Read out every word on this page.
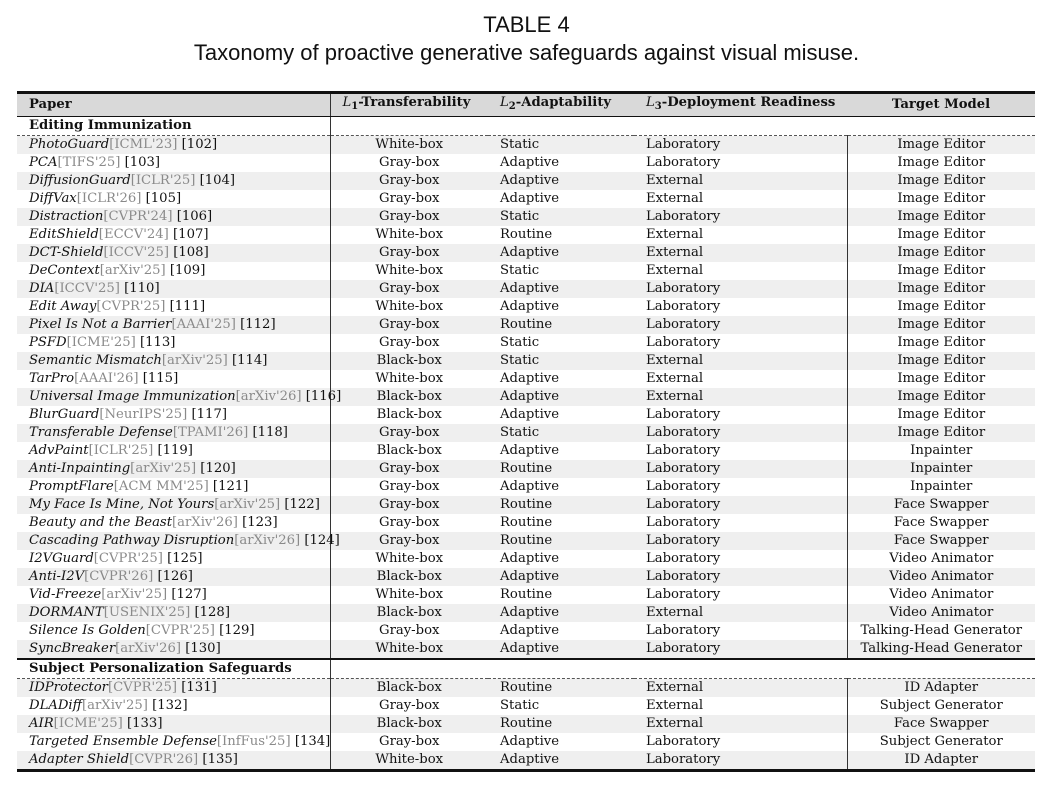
TABLE 4
Taxonomy of proactive generative safeguards against visual misuse.
Paper	$L_1$-Transferability	$L_2$-Adaptability	$L_3$-Deployment Readiness	Target Model
Editing Immunization				
PhotoGuard[ICML'23] [102]	White-box	Static	Laboratory	Image Editor
PCA[TIFS'25] [103]	Gray-box	Adaptive	Laboratory	Image Editor
DiffusionGuard[ICLR'25] [104]	Gray-box	Adaptive	External	Image Editor
DiffVax[ICLR'26] [105]	Gray-box	Adaptive	External	Image Editor
Distraction[CVPR'24] [106]	Gray-box	Static	Laboratory	Image Editor
EditShield[ECCV'24] [107]	White-box	Routine	External	Image Editor
DCT-Shield[ICCV'25] [108]	Gray-box	Adaptive	External	Image Editor
DeContext[arXiv'25] [109]	White-box	Static	External	Image Editor
DIA[ICCV'25] [110]	Gray-box	Adaptive	Laboratory	Image Editor
Edit Away[CVPR'25] [111]	White-box	Adaptive	Laboratory	Image Editor
Pixel Is Not a Barrier[AAAI'25] [112]	Gray-box	Routine	Laboratory	Image Editor
PSFD[ICME'25] [113]	Gray-box	Static	Laboratory	Image Editor
Semantic Mismatch[arXiv'25] [114]	Black-box	Static	External	Image Editor
TarPro[AAAI'26] [115]	White-box	Adaptive	External	Image Editor
Universal Image Immunization[arXiv'26] [116]	Black-box	Adaptive	External	Image Editor
BlurGuard[NeurIPS'25] [117]	Black-box	Adaptive	Laboratory	Image Editor
Transferable Defense[TPAMI'26] [118]	Gray-box	Static	Laboratory	Image Editor
AdvPaint[ICLR'25] [119]	Black-box	Adaptive	Laboratory	Inpainter
Anti-Inpainting[arXiv'25] [120]	Gray-box	Routine	Laboratory	Inpainter
PromptFlare[ACM MM'25] [121]	Gray-box	Adaptive	Laboratory	Inpainter
My Face Is Mine, Not Yours[arXiv'25] [122]	Gray-box	Routine	Laboratory	Face Swapper
Beauty and the Beast[arXiv'26] [123]	Gray-box	Routine	Laboratory	Face Swapper
Cascading Pathway Disruption[arXiv'26] [124]	Gray-box	Routine	Laboratory	Face Swapper
I2VGuard[CVPR'25] [125]	White-box	Adaptive	Laboratory	Video Animator
Anti-I2V[CVPR'26] [126]	Black-box	Adaptive	Laboratory	Video Animator
Vid-Freeze[arXiv'25] [127]	White-box	Routine	Laboratory	Video Animator
DORMANT[USENIX'25] [128]	Black-box	Adaptive	External	Video Animator
Silence Is Golden[CVPR'25] [129]	Gray-box	Adaptive	Laboratory	Talking-Head Generator
SyncBreaker[arXiv'26] [130]	White-box	Adaptive	Laboratory	Talking-Head Generator
Subject Personalization Safeguards				
IDProtector[CVPR'25] [131]	Black-box	Routine	External	ID Adapter
DLADiff[arXiv'25] [132]	Gray-box	Static	External	Subject Generator
AIR[ICME'25] [133]	Black-box	Routine	External	Face Swapper
Targeted Ensemble Defense[InfFus'25] [134]	Gray-box	Adaptive	Laboratory	Subject Generator
Adapter Shield[CVPR'26] [135]	White-box	Adaptive	Laboratory	ID Adapter
